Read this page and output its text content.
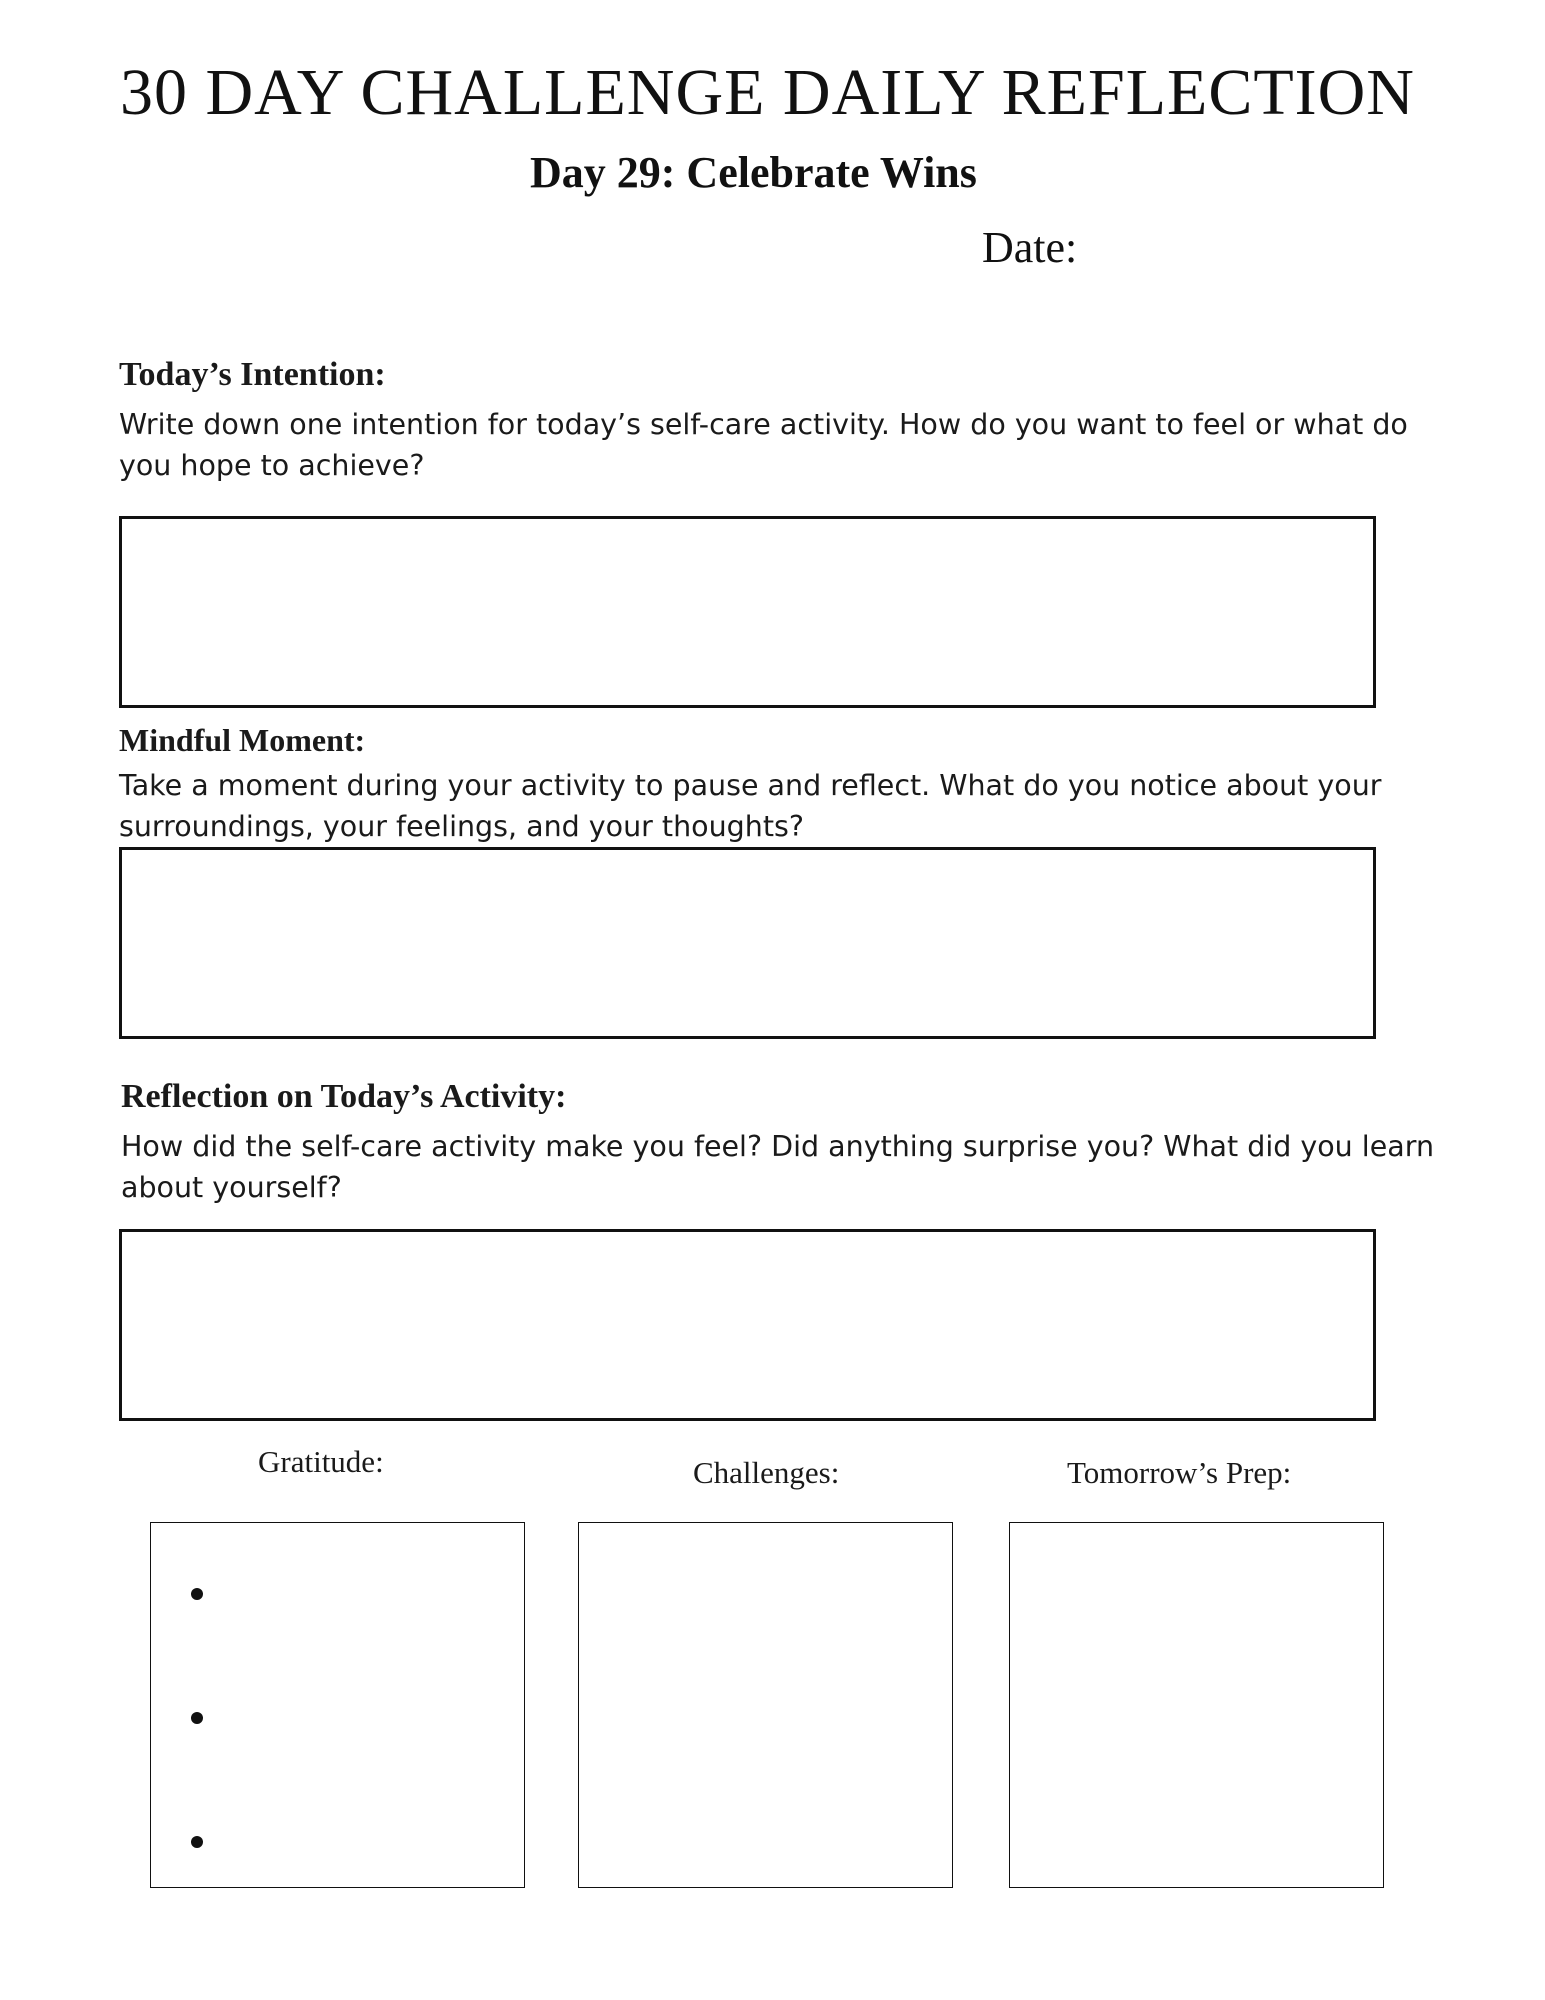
30 DAY CHALLENGE DAILY REFLECTION
Day 29: Celebrate Wins
Date:
Today’s Intention:

Write down one intention for today’s self-care activity. How do you want to feel or what do you hope to achieve?

Mindful Moment:

Take a moment during your activity to pause and reflect. What do you notice about your surroundings, your feelings, and your thoughts?

Reflection on Today’s Activity:

How did the self-care activity make you feel? Did anything surprise you? What did you learn about yourself?

Gratitude:	Challenges:	Tomorrow’s Prep:
